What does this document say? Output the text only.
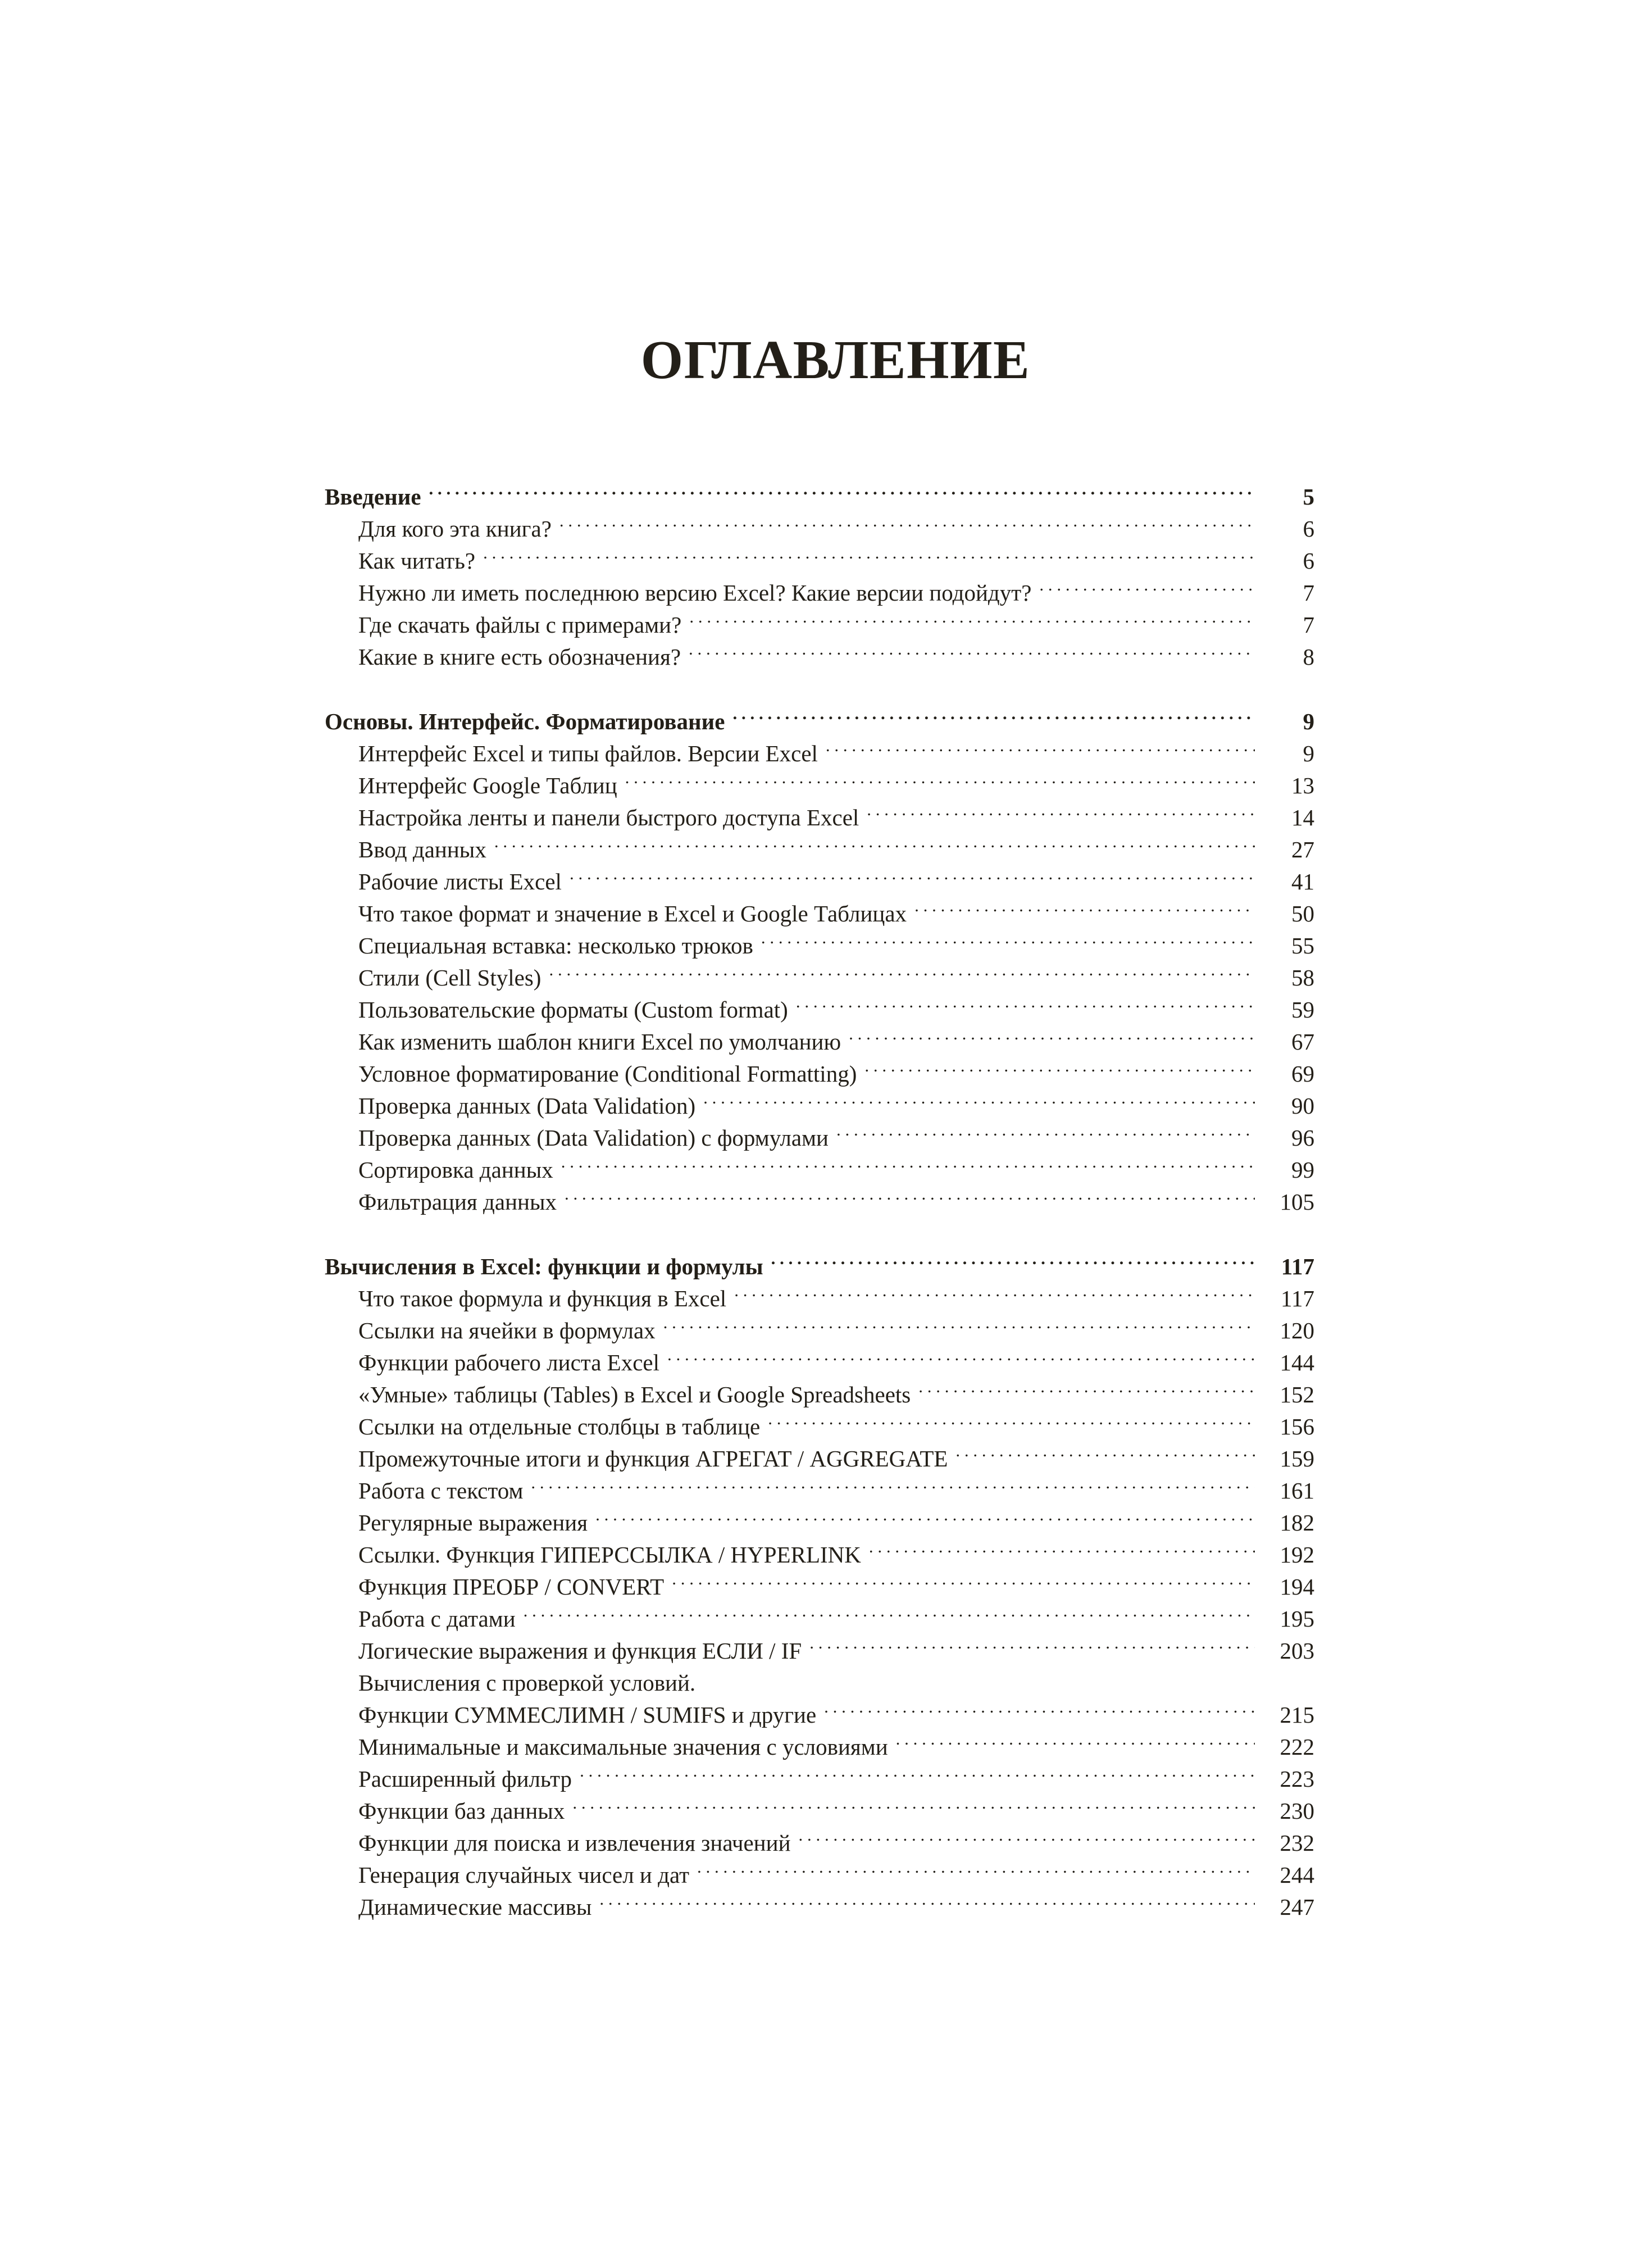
ОГЛАВЛЕНИЕ
Введение . . .	5
Для кого эта книга? . . .	6
Как читать? . . .	6
Нужно ли иметь последнюю версию Excel? Какие версии подойдут? . . .	7
Где скачать файлы с примерами? . . .	7
Какие в книге есть обозначения? . . .	8
Основы. Интерфейс. Форматирование . . .	9
Интерфейс Excel и типы файлов. Версии Excel . . .	9
Интерфейс Google Таблиц . . .	13
Настройка ленты и панели быстрого доступа Excel . . .	14
Ввод данных . . .	27
Рабочие листы Excel . . .	41
Что такое формат и значение в Excel и Google Таблицах . . .	50
Специальная вставка: несколько трюков . . .	55
Стили (Cell Styles) . . .	58
Пользовательские форматы (Custom format) . . .	59
Как изменить шаблон книги Excel по умолчанию . . .	67
Условное форматирование (Conditional Formatting) . . .	69
Проверка данных (Data Validation) . . .	90
Проверка данных (Data Validation) с формулами . . .	96
Сортировка данных . . .	99
Фильтрация данных . . .	105
Вычисления в Excel: функции и формулы . . .	117
Что такое формула и функция в Excel . . .	117
Ссылки на ячейки в формулах . . .	120
Функции рабочего листа Excel . . .	144
«Умные» таблицы (Tables) в Excel и Google Spreadsheets . . .	152
Ссылки на отдельные столбцы в таблице . . .	156
Промежуточные итоги и функция АГРЕГАТ / AGGREGATE . . .	159
Работа с текстом . . .	161
Регулярные выражения . . .	182
Ссылки. Функция ГИПЕРССЫЛКА / HYPERLINK . . .	192
Функция ПРЕОБР / CONVERT . . .	194
Работа с датами . . .	195
Логические выражения и функция ЕСЛИ / IF . . .	203
Вычисления с проверкой условий.
Функции СУММЕСЛИМН / SUMIFS и другие . . .	215
Минимальные и максимальные значения с условиями . . .	222
Расширенный фильтр . . .	223
Функции баз данных . . .	230
Функции для поиска и извлечения значений . . .	232
Генерация случайных чисел и дат . . .	244
Динамические массивы . . .	247
